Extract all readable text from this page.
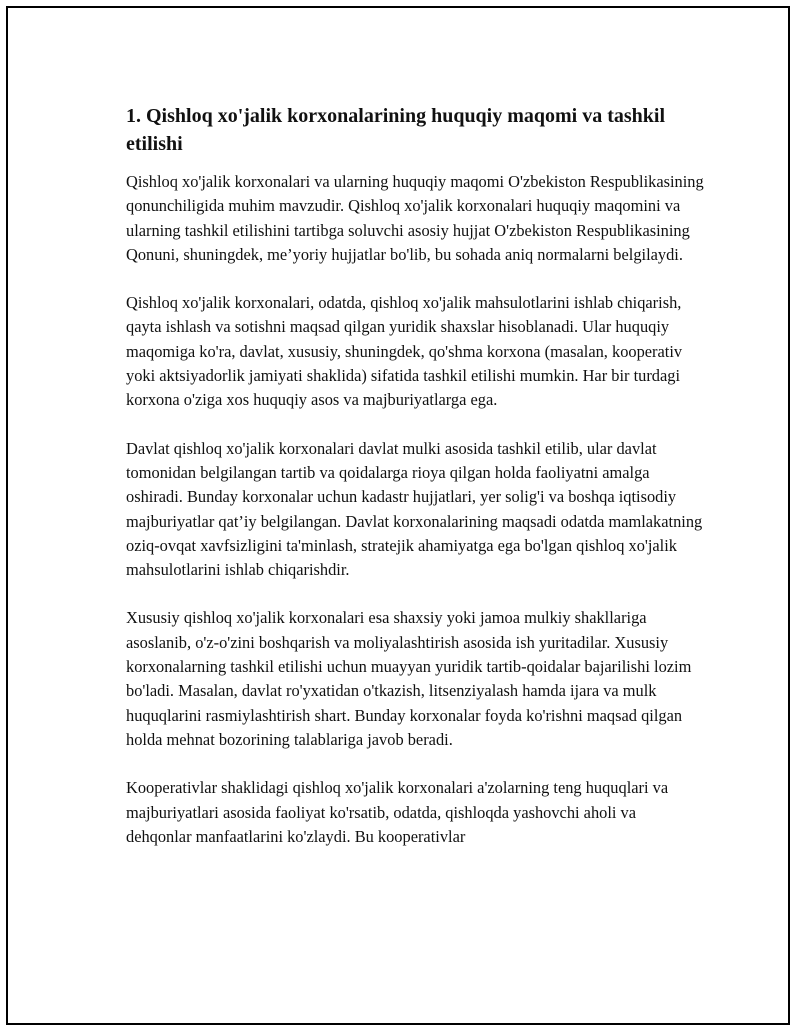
1. Qishloq xo'jalik korxonalarining huquqiy maqomi va tashkil etilishi

Qishloq xo'jalik korxonalari va ularning huquqiy maqomi O'zbekiston Respublikasining qonunchiligida muhim mavzudir. Qishloq xo'jalik korxonalari huquqiy maqomini va ularning tashkil etilishini tartibga soluvchi asosiy hujjat O'zbekiston Respublikasining Qonuni, shuningdek, me’yoriy hujjatlar bo'lib, bu sohada aniq normalarni belgilaydi.

Qishloq xo'jalik korxonalari, odatda, qishloq xo'jalik mahsulotlarini ishlab chiqarish, qayta ishlash va sotishni maqsad qilgan yuridik shaxslar hisoblanadi. Ular huquqiy maqomiga ko'ra, davlat, xususiy, shuningdek, qo'shma korxona (masalan, kooperativ yoki aktsiyadorlik jamiyati shaklida) sifatida tashkil etilishi mumkin. Har bir turdagi korxona o'ziga xos huquqiy asos va majburiyatlarga ega.

Davlat qishloq xo'jalik korxonalari davlat mulki asosida tashkil etilib, ular davlat tomonidan belgilangan tartib va qoidalarga rioya qilgan holda faoliyatni amalga oshiradi. Bunday korxonalar uchun kadastr hujjatlari, yer solig'i va boshqa iqtisodiy majburiyatlar qat’iy belgilangan. Davlat korxonalarining maqsadi odatda mamlakatning oziq-ovqat xavfsizligini ta'minlash, stratejik ahamiyatga ega bo'lgan qishloq xo'jalik mahsulotlarini ishlab chiqarishdir.

Xususiy qishloq xo'jalik korxonalari esa shaxsiy yoki jamoa mulkiy shakllariga asoslanib, o'z-o'zini boshqarish va moliyalashtirish asosida ish yuritadilar. Xususiy korxonalarning tashkil etilishi uchun muayyan yuridik tartib-qoidalar bajarilishi lozim bo'ladi. Masalan, davlat ro'yxatidan o'tkazish, litsenziyalash hamda ijara va mulk huquqlarini rasmiylashtirish shart. Bunday korxonalar foyda ko'rishni maqsad qilgan holda mehnat bozorining talablariga javob beradi.

Kooperativlar shaklidagi qishloq xo'jalik korxonalari a'zolarning teng huquqlari va majburiyatlari asosida faoliyat ko'rsatib, odatda, qishloqda yashovchi aholi va dehqonlar manfaatlarini ko'zlaydi. Bu kooperativlar
